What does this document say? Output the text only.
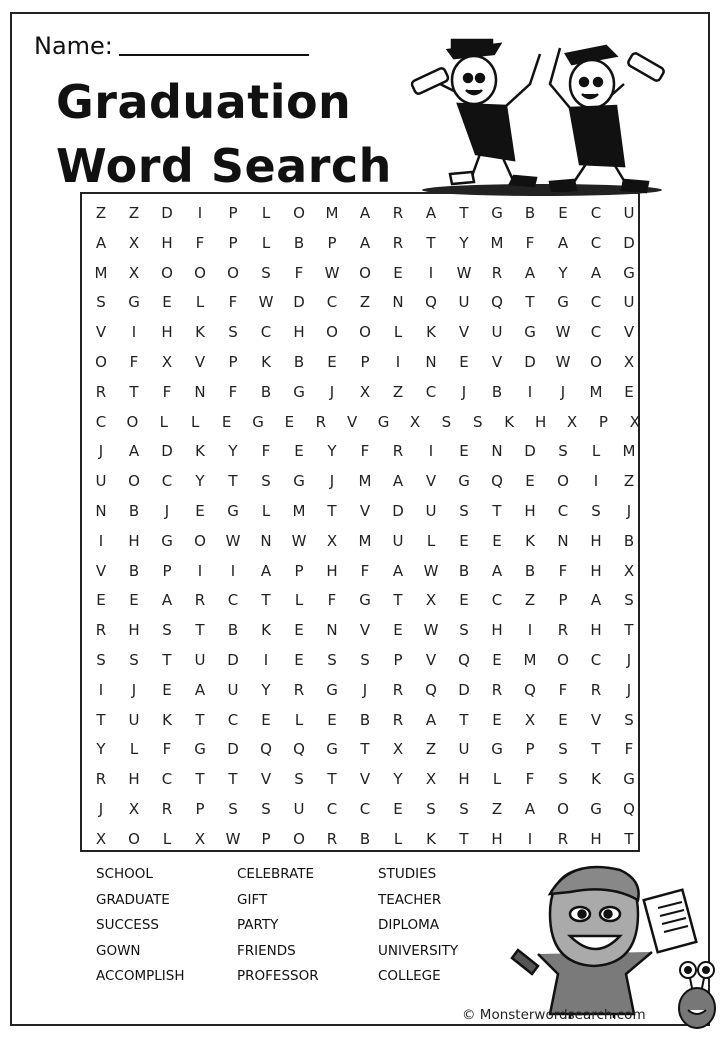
Name:
Graduation
Word Search
Z	Z	D	I	P	L	O	M	A	R	A	T	G	B	E	C	U
A	X	H	F	P	L	B	P	A	R	T	Y	M	F	A	C	D
M	X	O	O	O	S	F	W	O	E	I	W	R	A	Y	A	G
S	G	E	L	F	W	D	C	Z	N	Q	U	Q	T	G	C	U
V	I	H	K	S	C	H	O	O	L	K	V	U	G	W	C	V
O	F	X	V	P	K	B	E	P	I	N	E	V	D	W	O	X
R	T	F	N	F	B	G	J	X	Z	C	J	B	I	J	M	E
C	O	L	L	E	G	E	R	V	G	X	S	S	K	H	X	P	X
J	A	D	K	Y	F	E	Y	F	R	I	E	N	D	S	L	M
U	O	C	Y	T	S	G	J	M	A	V	G	Q	E	O	I	Z
N	B	J	E	G	L	M	T	V	D	U	S	T	H	C	S	J
I	H	G	O	W	N	W	X	M	U	L	E	E	K	N	H	B
V	B	P	I	I	A	P	H	F	A	W	B	A	B	F	H	X
E	E	A	R	C	T	L	F	G	T	X	E	C	Z	P	A	S
R	H	S	T	B	K	E	N	V	E	W	S	H	I	R	H	T
S	S	T	U	D	I	E	S	S	P	V	Q	E	M	O	C	J
I	J	E	A	U	Y	R	G	J	R	Q	D	R	Q	F	R	J
T	U	K	T	C	E	L	E	B	R	A	T	E	X	E	V	S
Y	L	F	G	D	Q	Q	G	T	X	Z	U	G	P	S	T	F
R	H	C	T	T	V	S	T	V	Y	X	H	L	F	S	K	G
J	X	R	P	S	S	U	C	C	E	S	S	Z	A	O	G	Q
X	O	L	X	W	P	O	R	B	L	K	T	H	I	R	H	T
SCHOOL
GRADUATE
SUCCESS
GOWN
ACCOMPLISH
CELEBRATE
GIFT
PARTY
FRIENDS
PROFESSOR
STUDIES
TEACHER
DIPLOMA
UNIVERSITY
COLLEGE
© Monsterwordsearch.com
